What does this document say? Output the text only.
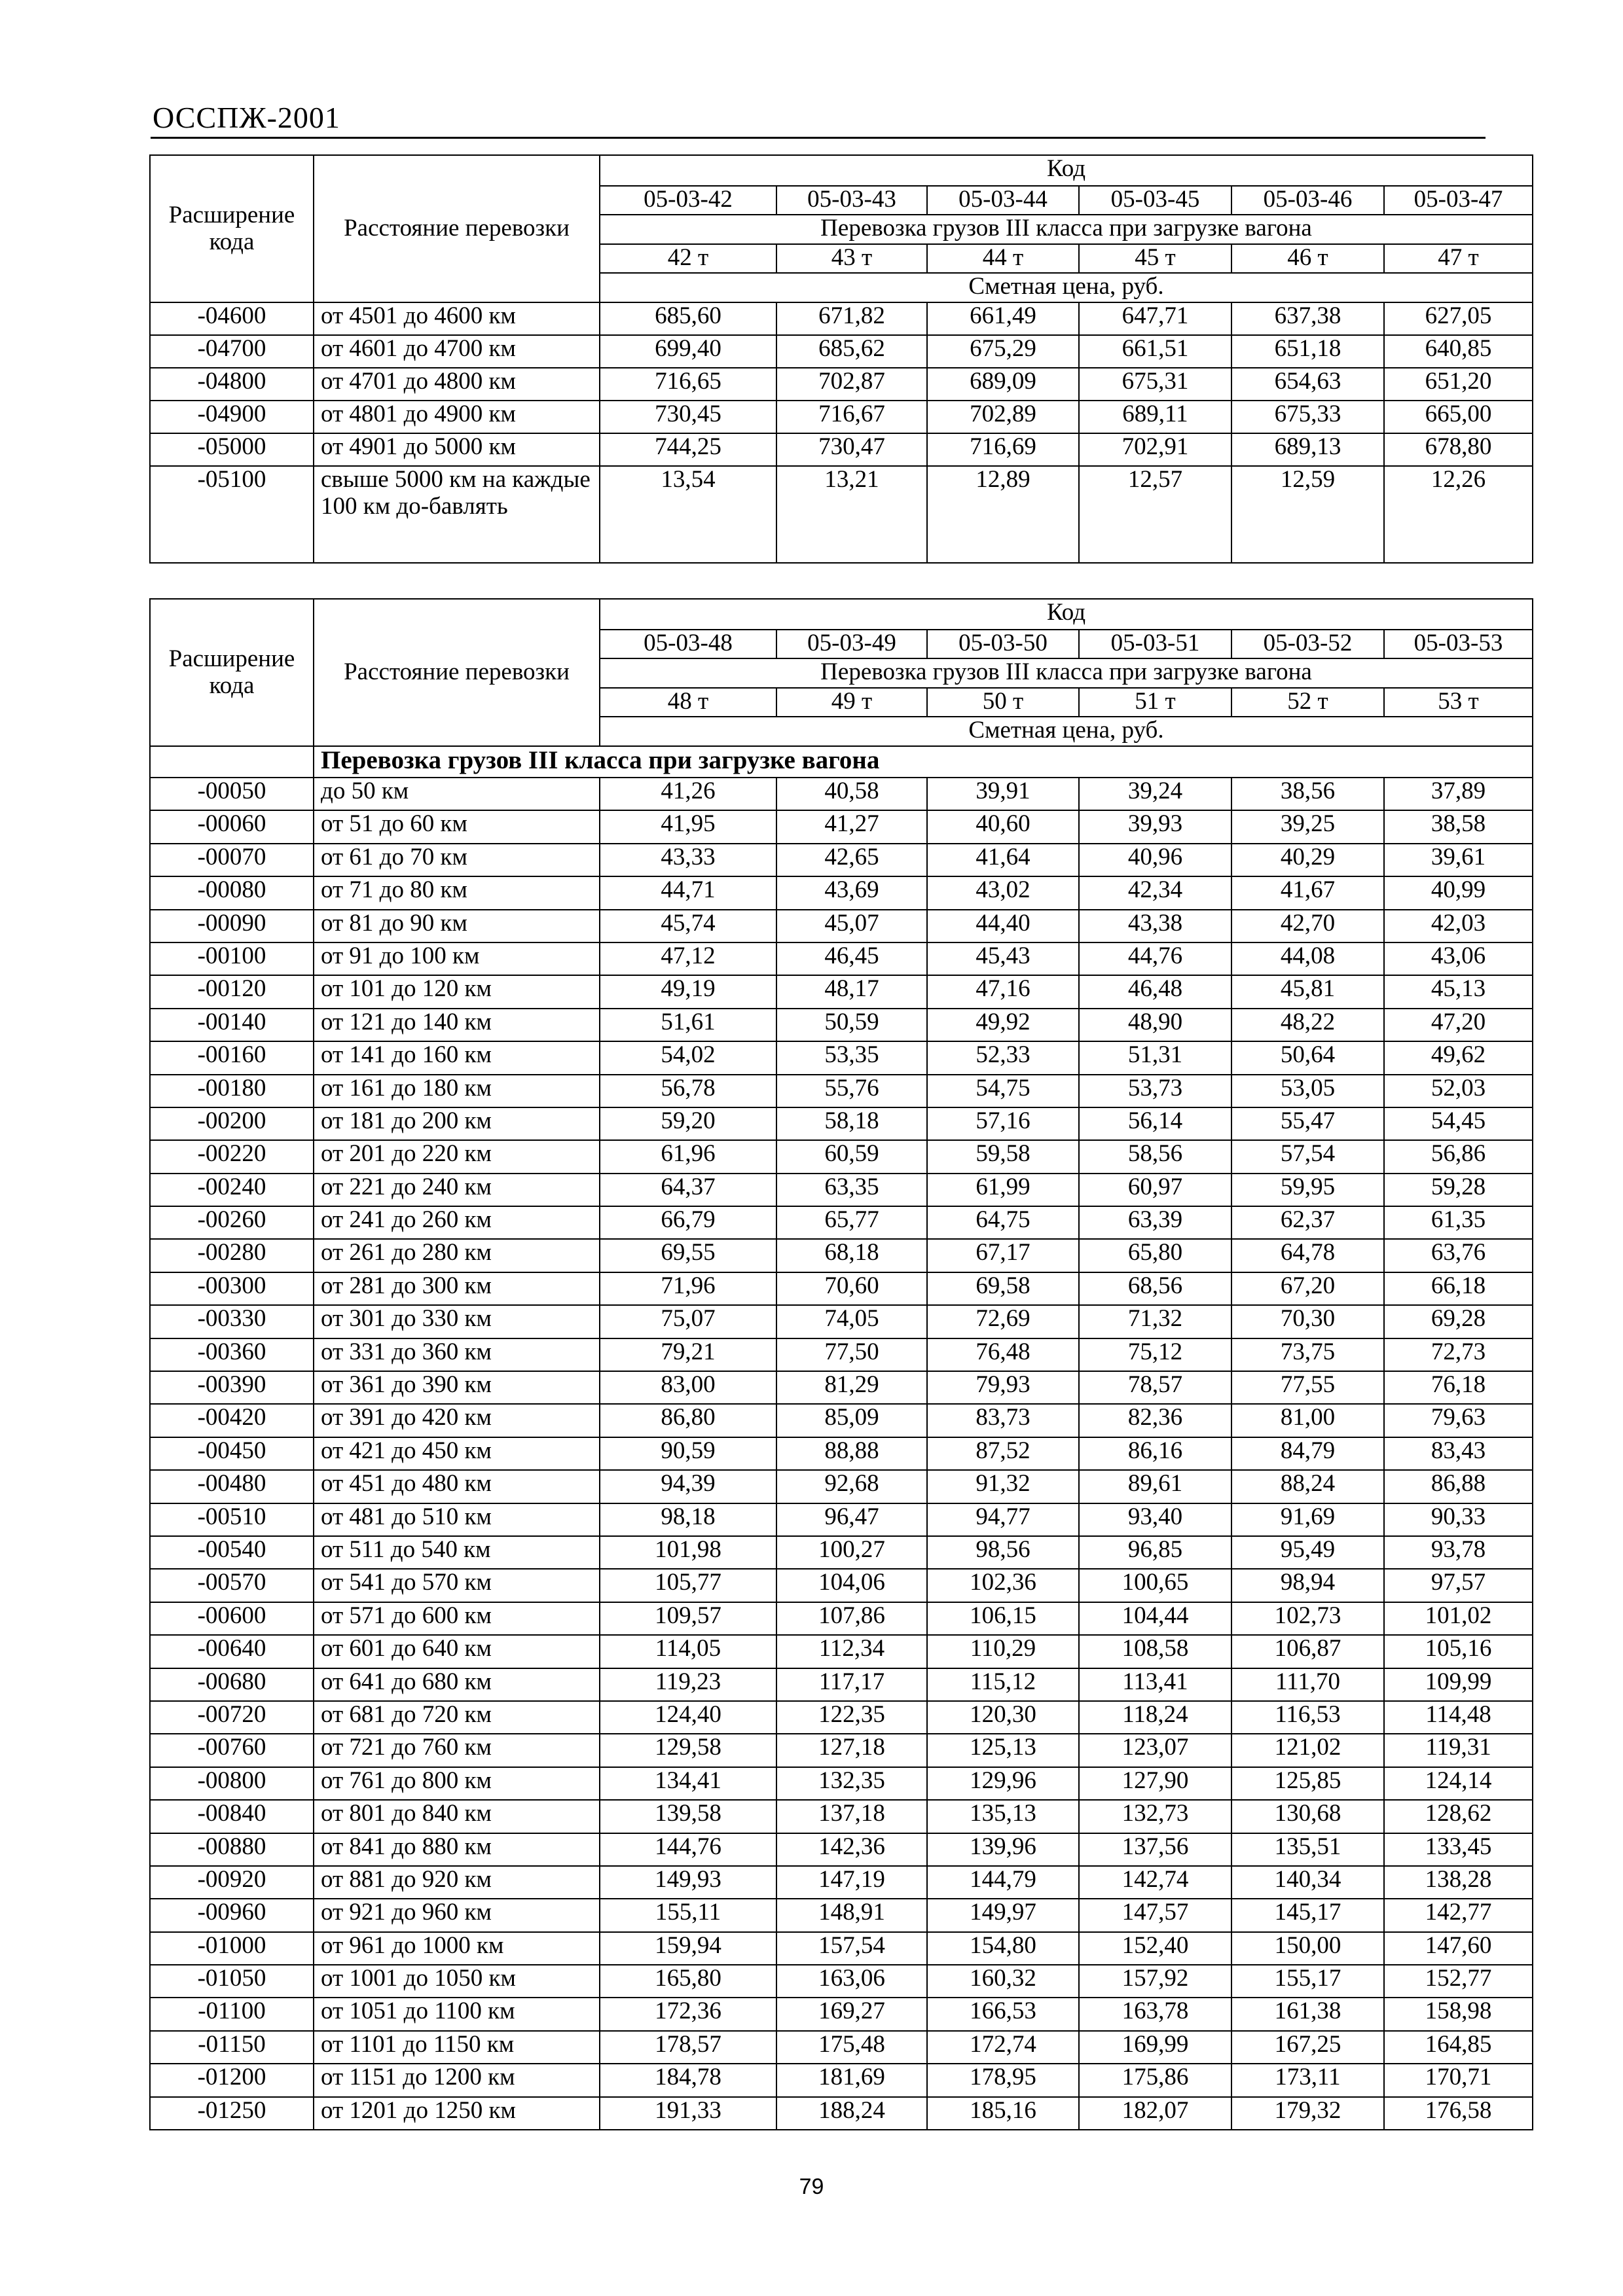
ОССПЖ-2001
Расширение кода	Расстояние перевозки	Код					
		05-03-42	05-03-43	05-03-44	05-03-45	05-03-46	05-03-47
		Перевозка грузов III класса при загрузке вагона					
		42 т	43 т	44 т	45 т	46 т	47 т
		Сметная цена, руб.					
-04600	от 4501 до 4600 км	685,60	671,82	661,49	647,71	637,38	627,05
-04700	от 4601 до 4700 км	699,40	685,62	675,29	661,51	651,18	640,85
-04800	от 4701 до 4800 км	716,65	702,87	689,09	675,31	654,63	651,20
-04900	от 4801 до 4900 км	730,45	716,67	702,89	689,11	675,33	665,00
-05000	от 4901 до 5000 км	744,25	730,47	716,69	702,91	689,13	678,80
-05100	свыше 5000 км на каждые 100 км до-бавлять	13,54	13,21	12,89	12,57	12,59	12,26
Расширение кода	Расстояние перевозки	Код					
		05-03-48	05-03-49	05-03-50	05-03-51	05-03-52	05-03-53
		Перевозка грузов III класса при загрузке вагона					
		48 т	49 т	50 т	51 т	52 т	53 т
		Сметная цена, руб.					
	Перевозка грузов III класса при загрузке вагона						
-00050	до 50 км	41,26	40,58	39,91	39,24	38,56	37,89
-00060	от 51 до 60 км	41,95	41,27	40,60	39,93	39,25	38,58
-00070	от 61 до 70 км	43,33	42,65	41,64	40,96	40,29	39,61
-00080	от 71 до 80 км	44,71	43,69	43,02	42,34	41,67	40,99
-00090	от 81 до 90 км	45,74	45,07	44,40	43,38	42,70	42,03
-00100	от 91 до 100 км	47,12	46,45	45,43	44,76	44,08	43,06
-00120	от 101 до 120 км	49,19	48,17	47,16	46,48	45,81	45,13
-00140	от 121 до 140 км	51,61	50,59	49,92	48,90	48,22	47,20
-00160	от 141 до 160 км	54,02	53,35	52,33	51,31	50,64	49,62
-00180	от 161 до 180 км	56,78	55,76	54,75	53,73	53,05	52,03
-00200	от 181 до 200 км	59,20	58,18	57,16	56,14	55,47	54,45
-00220	от 201 до 220 км	61,96	60,59	59,58	58,56	57,54	56,86
-00240	от 221 до 240 км	64,37	63,35	61,99	60,97	59,95	59,28
-00260	от 241 до 260 км	66,79	65,77	64,75	63,39	62,37	61,35
-00280	от 261 до 280 км	69,55	68,18	67,17	65,80	64,78	63,76
-00300	от 281 до 300 км	71,96	70,60	69,58	68,56	67,20	66,18
-00330	от 301 до 330 км	75,07	74,05	72,69	71,32	70,30	69,28
-00360	от 331 до 360 км	79,21	77,50	76,48	75,12	73,75	72,73
-00390	от 361 до 390 км	83,00	81,29	79,93	78,57	77,55	76,18
-00420	от 391 до 420 км	86,80	85,09	83,73	82,36	81,00	79,63
-00450	от 421 до 450 км	90,59	88,88	87,52	86,16	84,79	83,43
-00480	от 451 до 480 км	94,39	92,68	91,32	89,61	88,24	86,88
-00510	от 481 до 510 км	98,18	96,47	94,77	93,40	91,69	90,33
-00540	от 511 до 540 км	101,98	100,27	98,56	96,85	95,49	93,78
-00570	от 541 до 570 км	105,77	104,06	102,36	100,65	98,94	97,57
-00600	от 571 до 600 км	109,57	107,86	106,15	104,44	102,73	101,02
-00640	от 601 до 640 км	114,05	112,34	110,29	108,58	106,87	105,16
-00680	от 641 до 680 км	119,23	117,17	115,12	113,41	111,70	109,99
-00720	от 681 до 720 км	124,40	122,35	120,30	118,24	116,53	114,48
-00760	от 721 до 760 км	129,58	127,18	125,13	123,07	121,02	119,31
-00800	от 761 до 800 км	134,41	132,35	129,96	127,90	125,85	124,14
-00840	от 801 до 840 км	139,58	137,18	135,13	132,73	130,68	128,62
-00880	от 841 до 880 км	144,76	142,36	139,96	137,56	135,51	133,45
-00920	от 881 до 920 км	149,93	147,19	144,79	142,74	140,34	138,28
-00960	от 921 до 960 км	155,11	148,91	149,97	147,57	145,17	142,77
-01000	от 961 до 1000 км	159,94	157,54	154,80	152,40	150,00	147,60
-01050	от 1001 до 1050 км	165,80	163,06	160,32	157,92	155,17	152,77
-01100	от 1051 до 1100 км	172,36	169,27	166,53	163,78	161,38	158,98
-01150	от 1101 до 1150 км	178,57	175,48	172,74	169,99	167,25	164,85
-01200	от 1151 до 1200 км	184,78	181,69	178,95	175,86	173,11	170,71
-01250	от 1201 до 1250 км	191,33	188,24	185,16	182,07	179,32	176,58
79
